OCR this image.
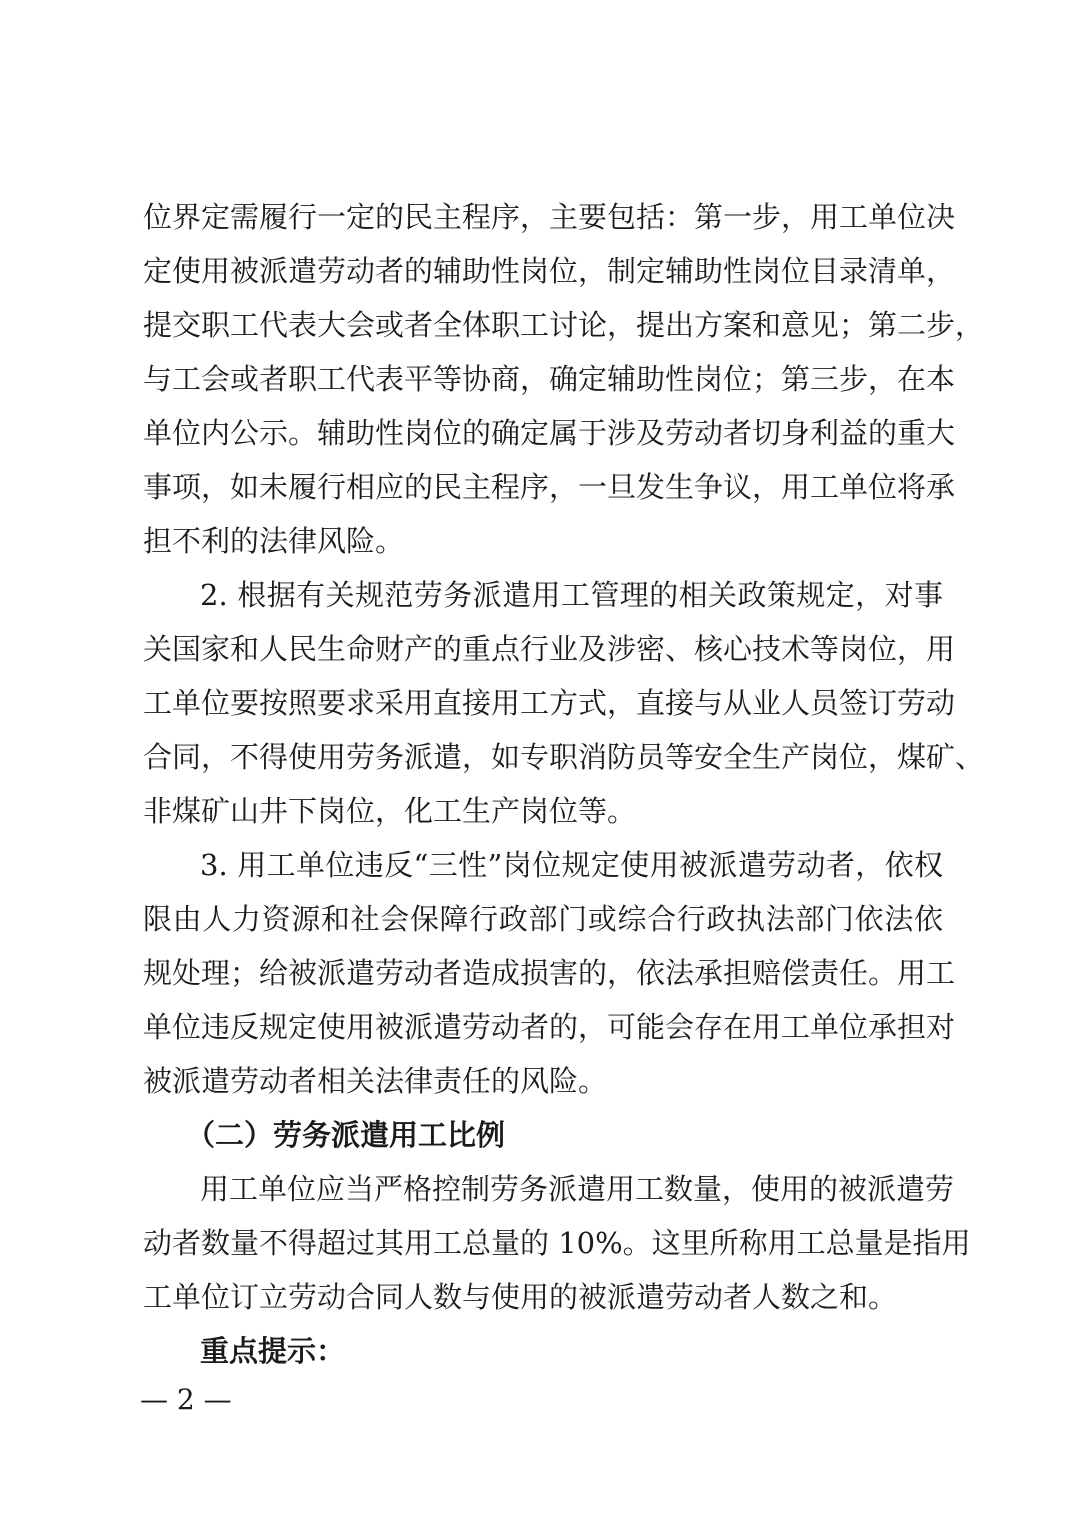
位界定需履行一定的民主程序，主要包括：第一步，用工单位决
定使用被派遣劳动者的辅助性岗位，制定辅助性岗位目录清单，
提交职工代表大会或者全体职工讨论，提出方案和意见；第二步，
与工会或者职工代表平等协商，确定辅助性岗位；第三步，在本
单位内公示。辅助性岗位的确定属于涉及劳动者切身利益的重大
事项，如未履行相应的民主程序，一旦发生争议，用工单位将承
担不利的法律风险。
2. 根据有关规范劳务派遣用工管理的相关政策规定，对事
关国家和人民生命财产的重点行业及涉密、核心技术等岗位，用
工单位要按照要求采用直接用工方式，直接与从业人员签订劳动
合同，不得使用劳务派遣，如专职消防员等安全生产岗位，煤矿、
非煤矿山井下岗位，化工生产岗位等。
3. 用工单位违反“三性”岗位规定使用被派遣劳动者，依权
限由人力资源和社会保障行政部门或综合行政执法部门依法依
规处理；给被派遣劳动者造成损害的，依法承担赔偿责任。用工
单位违反规定使用被派遣劳动者的，可能会存在用工单位承担对
被派遣劳动者相关法律责任的风险。
（二）劳务派遣用工比例
用工单位应当严格控制劳务派遣用工数量，使用的被派遣劳
动者数量不得超过其用工总量的 10%。这里所称用工总量是指用
工单位订立劳动合同人数与使用的被派遣劳动者人数之和。
重点提示：
— 2 —
